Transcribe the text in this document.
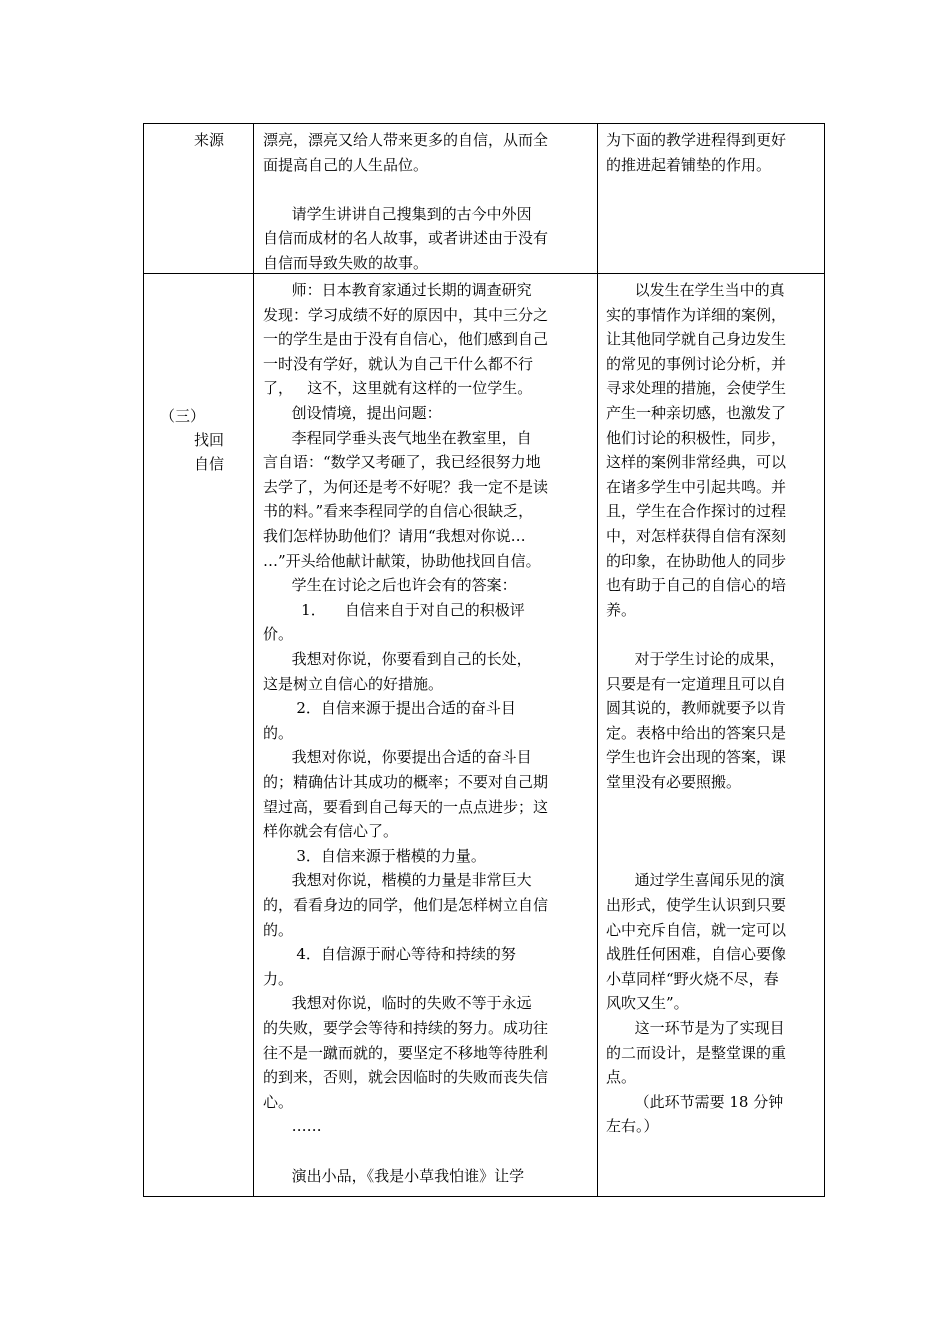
来源	漂亮，漂亮又给人带来更多的自信，从而全
面提高自己的人生品位。
请学生讲讲自己搜集到的古今中外因
自信而成材的名人故事，或者讲述由于没有
自信而导致失败的故事。
为下面的教学进程得到更好
的推进起着铺垫的作用。
（三）
找回
自信
师：日本教育家通过长期的调查研究
发现：学习成绩不好的原因中，其中三分之
一的学生是由于没有自信心，他们感到自己
一时没有学好，就认为自己干什么都不行
了，   这不，这里就有这样的一位学生。
创设情境，提出问题：
李程同学垂头丧气地坐在教室里，自
言自语：“数学又考砸了，我已经很努力地
去学了，为何还是考不好呢？我一定不是读
书的料。”看来李程同学的自信心很缺乏，
我们怎样协助他们？请用“我想对你说…
…”开头给他献计献策，协助他找回自信。
学生在讨论之后也许会有的答案：
1．    自信来自于对自己的积极评
价。
我想对你说，你要看到自己的长处，
这是树立自信心的好措施。
2．自信来源于提出合适的奋斗目
的。
我想对你说，你要提出合适的奋斗目
的；精确估计其成功的概率；不要对自己期
望过高，要看到自己每天的一点点进步；这
样你就会有信心了。
3．自信来源于楷模的力量。
我想对你说，楷模的力量是非常巨大
的，看看身边的同学，他们是怎样树立自信
的。
4．自信源于耐心等待和持续的努
力。
我想对你说，临时的失败不等于永远
的失败，要学会等待和持续的努力。成功往
往不是一蹴而就的，要坚定不移地等待胜利
的到来，否则，就会因临时的失败而丧失信
心。
……
演出小品，《我是小草我怕谁》让学
以发生在学生当中的真
实的事情作为详细的案例，
让其他同学就自己身边发生
的常见的事例讨论分析，并
寻求处理的措施，会使学生
产生一种亲切感，也激发了
他们讨论的积极性，同步，
这样的案例非常经典，可以
在诸多学生中引起共鸣。并
且，学生在合作探讨的过程
中，对怎样获得自信有深刻
的印象，在协助他人的同步
也有助于自己的自信心的培
养。
对于学生讨论的成果，
只要是有一定道理且可以自
圆其说的，教师就要予以肯
定。表格中给出的答案只是
学生也许会出现的答案，课
堂里没有必要照搬。
通过学生喜闻乐见的演
出形式，使学生认识到只要
心中充斥自信，就一定可以
战胜任何困难，自信心要像
小草同样“野火烧不尽，春
风吹又生”。
这一环节是为了实现目
的二而设计，是整堂课的重
点。
（此环节需要 18 分钟
左右。）
